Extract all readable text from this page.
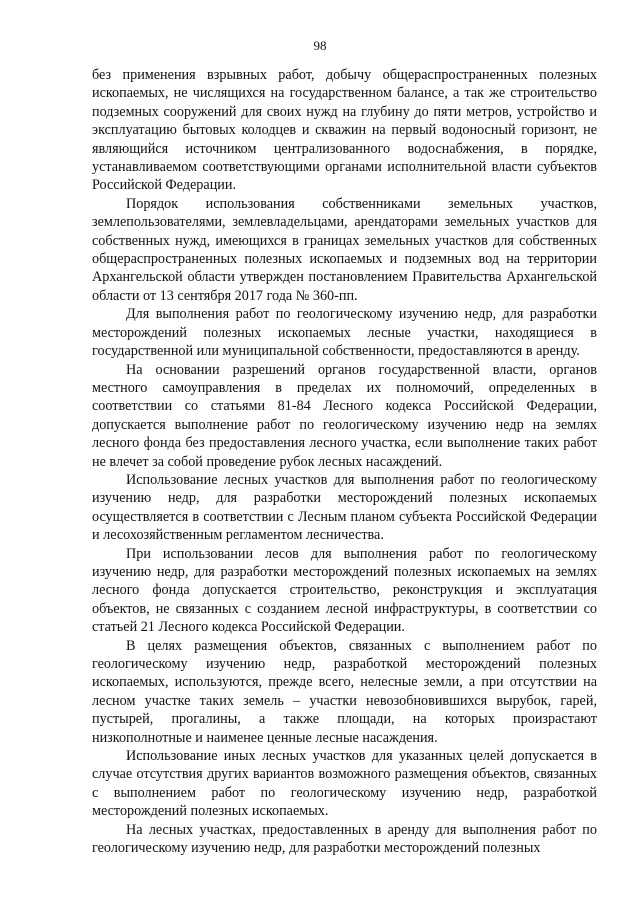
98

без применения взрывных работ, добычу общераспространенных полезных ископаемых, не числящихся на государственном балансе, а так же строительство подземных сооружений для своих нужд на глубину до пяти метров, устройство и эксплуатацию бытовых колодцев и скважин на первый водоносный горизонт, не являющийся источником централизованного водоснабжения, в порядке, устанавливаемом соответствующими органами исполнительной власти субъектов Российской Федерации.

Порядок использования собственниками земельных участков, землепользователями, землевладельцами, арендаторами земельных участков для собственных нужд, имеющихся в границах земельных участков для собственных общераспространенных полезных ископаемых и подземных вод на территории Архангельской области утвержден постановлением Правительства Архангельской области от 13 сентября 2017 года № 360-пп.

Для выполнения работ по геологическому изучению недр, для разработки месторождений полезных ископаемых лесные участки, находящиеся в государственной или муниципальной собственности, предоставляются в аренду.

На основании разрешений органов государственной власти, органов местного самоуправления в пределах их полномочий, определенных в соответствии со статьями 81-84 Лесного кодекса Российской Федерации, допускается выполнение работ по геологическому изучению недр на землях лесного фонда без предоставления лесного участка, если выполнение таких работ не влечет за собой проведение рубок лесных насаждений.

Использование лесных участков для выполнения работ по геологическому изучению недр, для разработки месторождений полезных ископаемых осуществляется в соответствии с Лесным планом субъекта Российской Федерации и лесохозяйственным регламентом лесничества.

При использовании лесов для выполнения работ по геологическому изучению недр, для разработки месторождений полезных ископаемых на землях лесного фонда допускается строительство, реконструкция и эксплуатация объектов, не связанных с созданием лесной инфраструктуры, в соответствии со статьей 21 Лесного кодекса Российской Федерации.

В целях размещения объектов, связанных с выполнением работ по геологическому изучению недр, разработкой месторождений полезных ископаемых, используются, прежде всего, нелесные земли, а при отсутствии на лесном участке таких земель – участки невозобновившихся вырубок, гарей, пустырей, прогалины, а также площади, на которых произрастают низкополнотные и наименее ценные лесные насаждения.

Использование иных лесных участков для указанных целей допускается в случае отсутствия других вариантов возможного размещения объектов, связанных с выполнением работ по геологическому изучению недр, разработкой месторождений полезных ископаемых.

На лесных участках, предоставленных в аренду для выполнения работ по геологическому изучению недр, для разработки месторождений полезных
